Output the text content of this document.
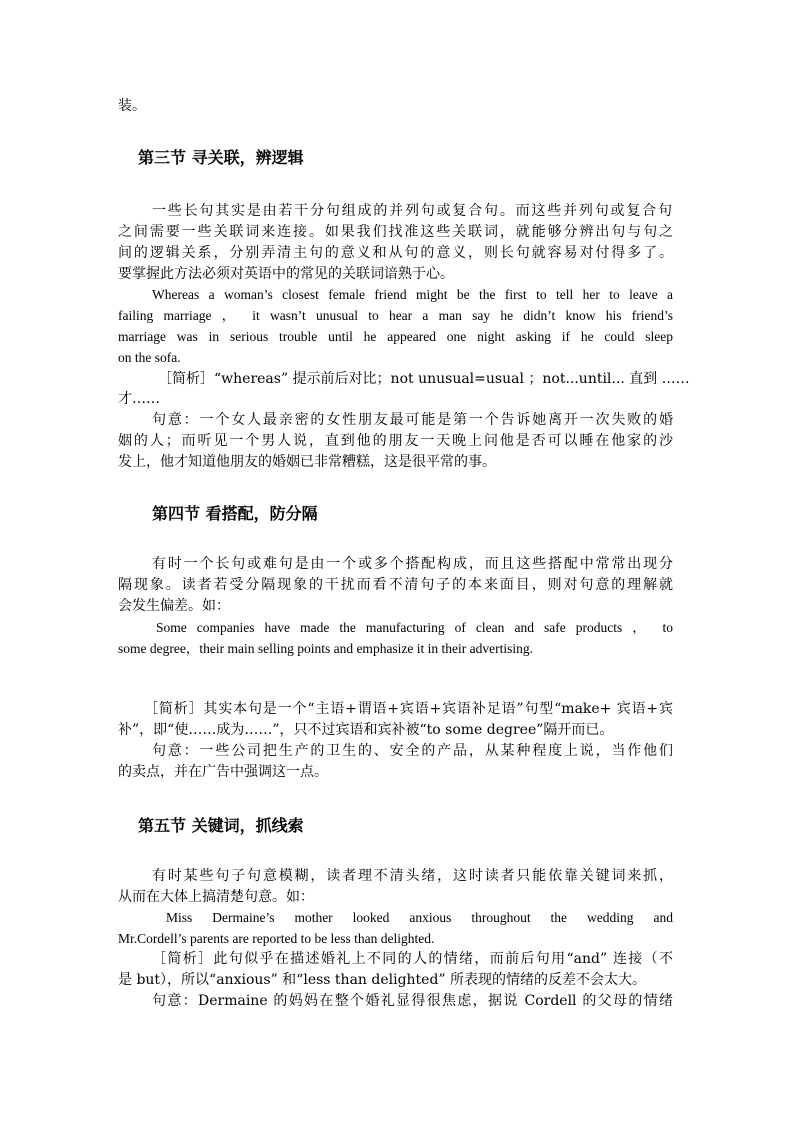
装。
第三节 寻关联，辨逻辑
一些长句其实是由若干分句组成的并列句或复合句。而这些并列句或复合句
之间需要一些关联词来连接。如果我们找准这些关联词，就能够分辨出句与句之
间的逻辑关系，分别弄清主句的意义和从句的意义，则长句就容易对付得多了。
要掌握此方法必须对英语中的常见的关联词谙熟于心。
Whereas a woman’s closest female friend might be the first to tell her to leave a
failing marriage ， it wasn’t unusual to hear a man say he didn’t know his friend’s
marriage was in serious trouble until he appeared one night asking if he could sleep
on the sofa.
［简析］“whereas” 提示前后对比；not unusual=usual ；not...until... 直到 ……
才……
句意：一个女人最亲密的女性朋友最可能是第一个告诉她离开一次失败的婚
姻的人；而听见一个男人说，直到他的朋友一天晚上问他是否可以睡在他家的沙
发上，他才知道他朋友的婚姻已非常糟糕，这是很平常的事。
第四节 看搭配，防分隔
有时一个长句或难句是由一个或多个搭配构成，而且这些搭配中常常出现分
隔现象。读者若受分隔现象的干扰而看不清句子的本来面目，则对句意的理解就
会发生偏差。如：
Some companies have made the manufacturing of clean and safe products ， to
some degree，their main selling points and emphasize it in their advertising.
［简析］其实本句是一个“主语+谓语+宾语+宾语补足语”句型“make+ 宾语+宾
补”，即“使……成为……”，只不过宾语和宾补被“to some degree”隔开而已。
句意：一些公司把生产的卫生的、安全的产品，从某种程度上说，当作他们
的卖点，并在广告中强调这一点。
第五节 关键词，抓线索
有时某些句子句意模糊，读者理不清头绪，这时读者只能依靠关键词来抓，
从而在大体上搞清楚句意。如：
Miss Dermaine’s mother looked anxious throughout the wedding and
Mr.Cordell’s parents are reported to be less than delighted.
［简析］此句似乎在描述婚礼上不同的人的情绪，而前后句用“and” 连接（不
是 but），所以“anxious” 和“less than delighted” 所表现的情绪的反差不会太大。
句意：Dermaine 的妈妈在整个婚礼显得很焦虑，据说 Cordell 的父母的情绪
